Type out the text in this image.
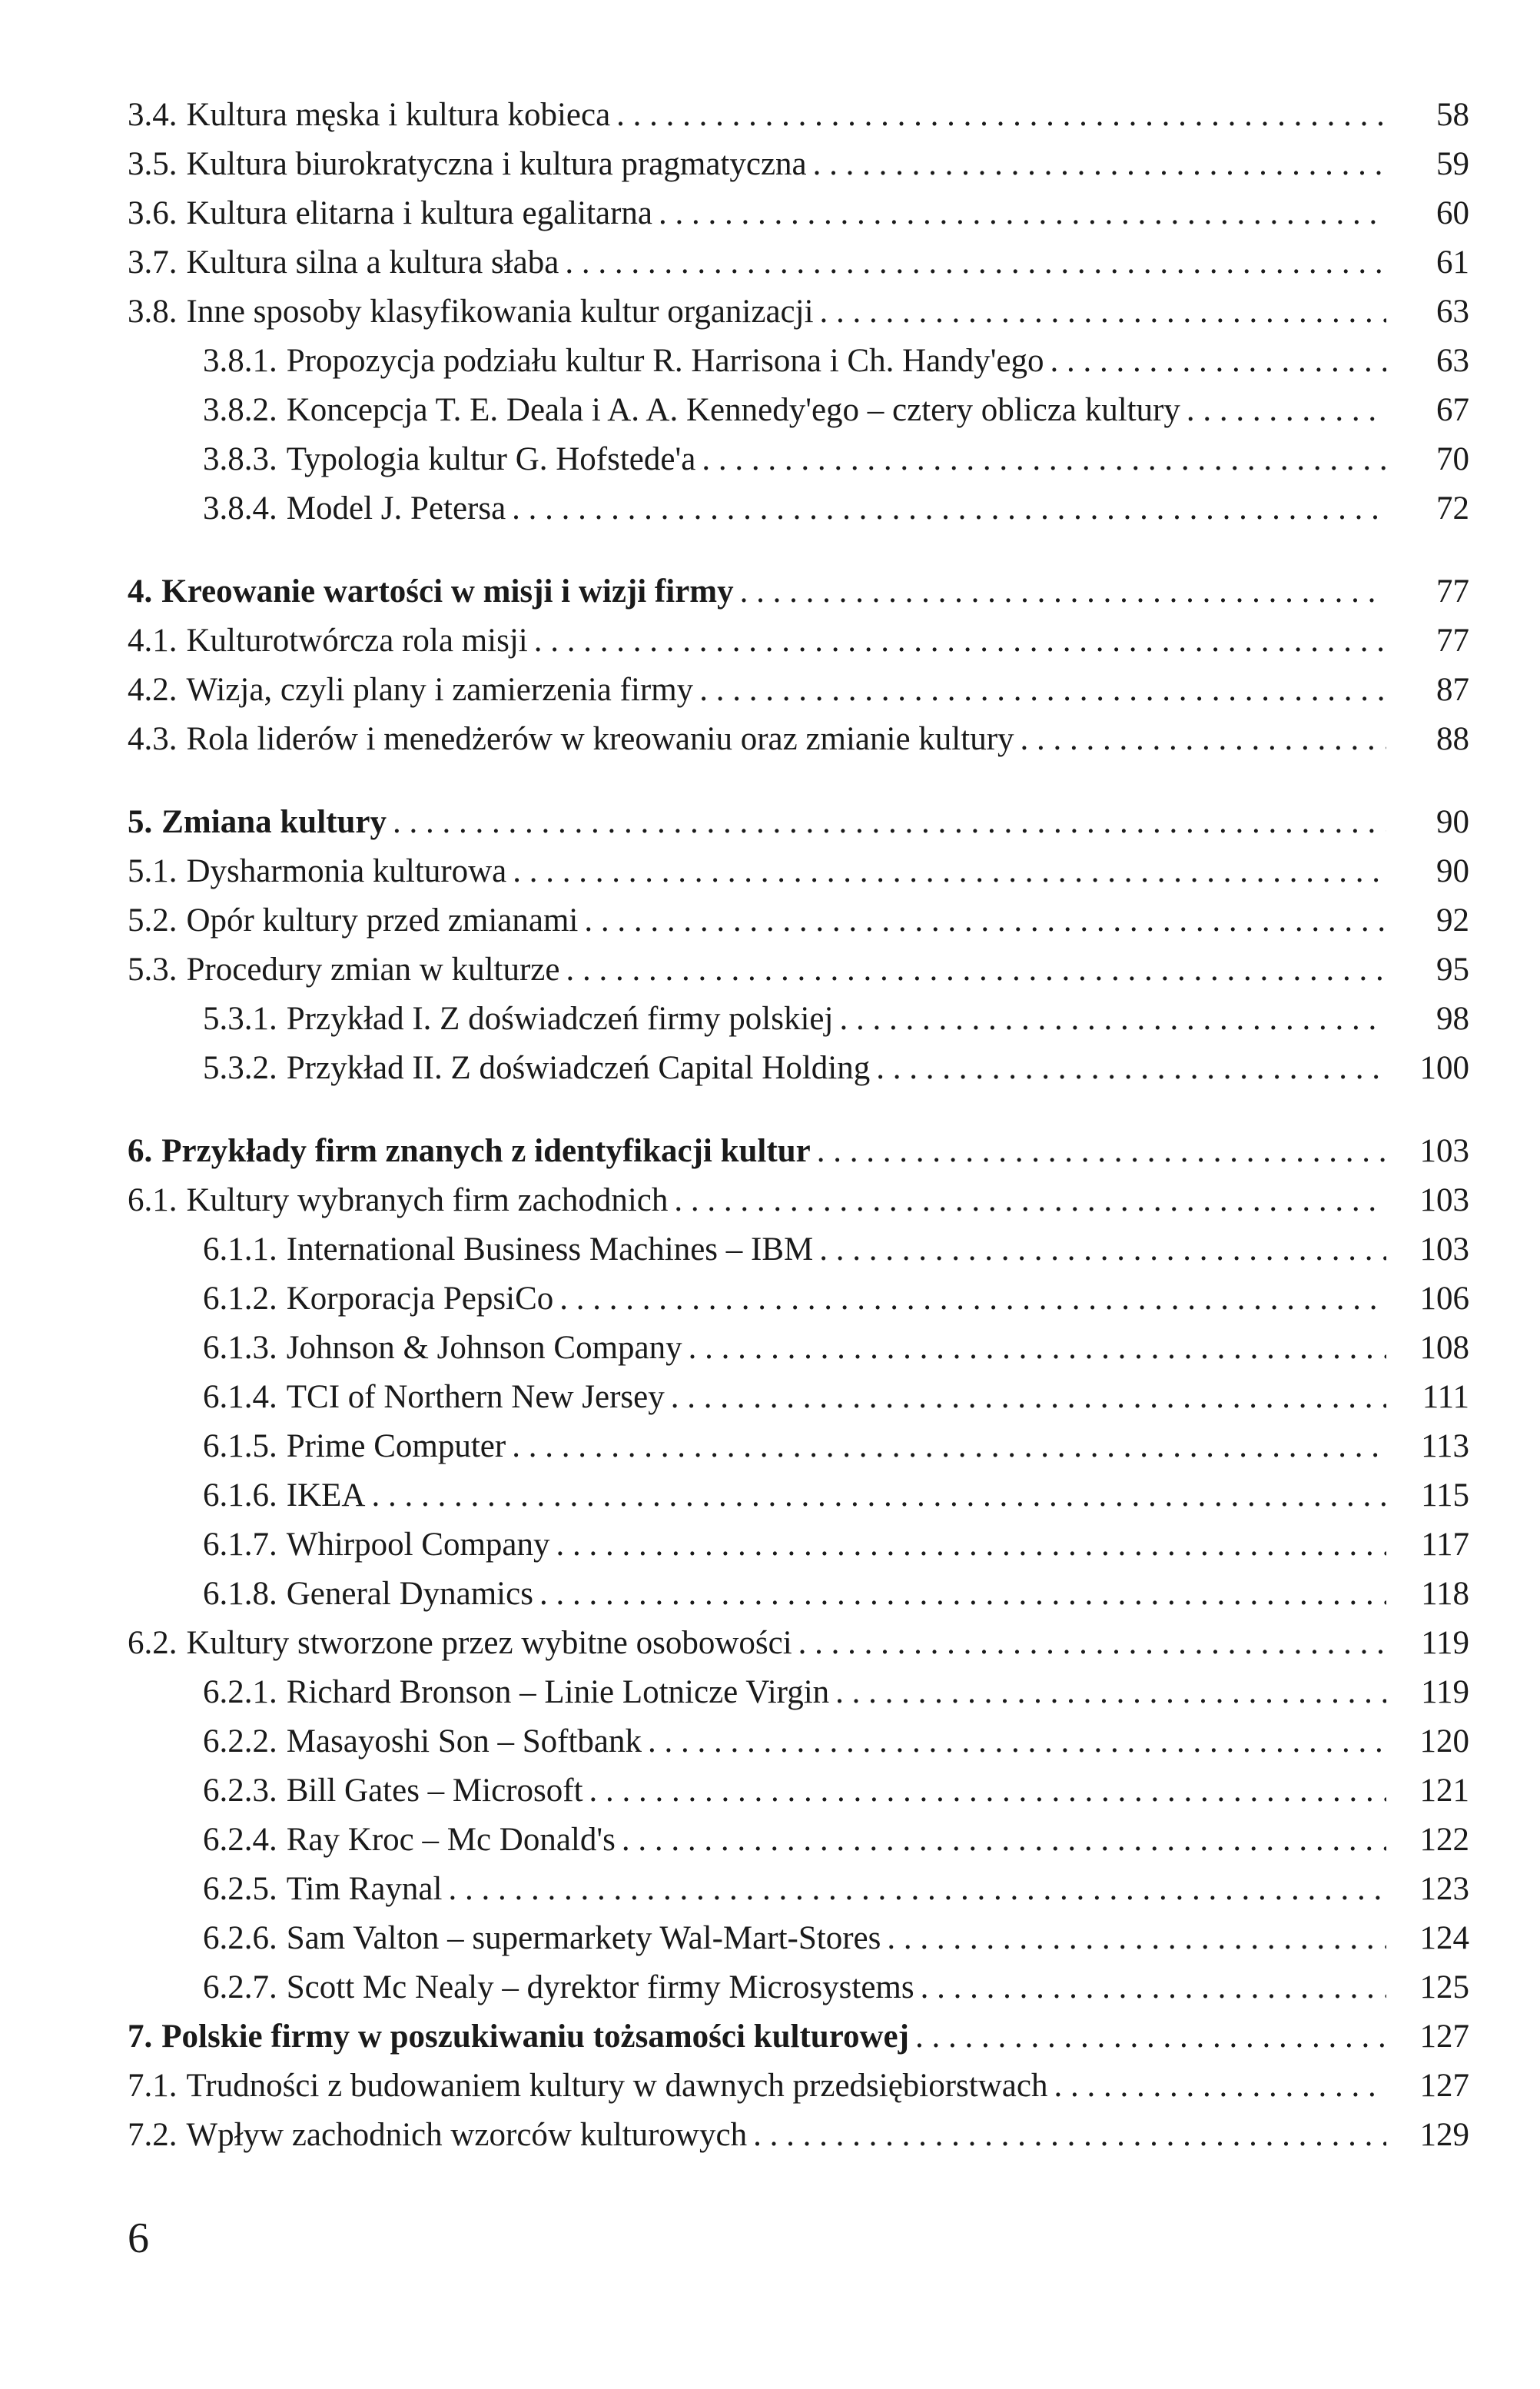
3.4. Kultura męska i kultura kobieca . . .	58
3.5. Kultura biurokratyczna i kultura pragmatyczna . . .	59
3.6. Kultura elitarna i kultura egalitarna . . .	60
3.7. Kultura silna a kultura słaba . . .	61
3.8. Inne sposoby klasyfikowania kultur organizacji . . .	63
3.8.1. Propozycja podziału kultur R. Harrisona i Ch. Handy'ego . . .	63
3.8.2. Koncepcja T. E. Deala i A. A. Kennedy'ego – cztery oblicza kultury . . .	67
3.8.3. Typologia kultur G. Hofstede'a . . .	70
3.8.4. Model J. Petersa . . .	72
4. Kreowanie wartości w misji i wizji firmy . . .	77
4.1. Kulturotwórcza rola misji . . .	77
4.2. Wizja, czyli plany i zamierzenia firmy . . .	87
4.3. Rola liderów i menedżerów w kreowaniu oraz zmianie kultury . . .	88
5. Zmiana kultury . . .	90
5.1. Dysharmonia kulturowa . . .	90
5.2. Opór kultury przed zmianami . . .	92
5.3. Procedury zmian w kulturze . . .	95
5.3.1. Przykład I. Z doświadczeń firmy polskiej . . .	98
5.3.2. Przykład II. Z doświadczeń Capital Holding . . .	100
6. Przykłady firm znanych z identyfikacji kultur . . .	103
6.1. Kultury wybranych firm zachodnich . . .	103
6.1.1. International Business Machines – IBM . . .	103
6.1.2. Korporacja PepsiCo . . .	106
6.1.3. Johnson & Johnson Company . . .	108
6.1.4. TCI of Northern New Jersey . . .	111
6.1.5. Prime Computer . . .	113
6.1.6. IKEA . . .	115
6.1.7. Whirpool Company . . .	117
6.1.8. General Dynamics . . .	118
6.2. Kultury stworzone przez wybitne osobowości . . .	119
6.2.1. Richard Bronson – Linie Lotnicze Virgin . . .	119
6.2.2. Masayoshi Son – Softbank . . .	120
6.2.3. Bill Gates – Microsoft . . .	121
6.2.4. Ray Kroc – Mc Donald's . . .	122
6.2.5. Tim Raynal . . .	123
6.2.6. Sam Valton – supermarkety Wal-Mart-Stores . . .	124
6.2.7. Scott Mc Nealy – dyrektor firmy Microsystems . . .	125
7. Polskie firmy w poszukiwaniu tożsamości kulturowej . . .	127
7.1. Trudności z budowaniem kultury w dawnych przedsiębiorstwach . . .	127
7.2. Wpływ zachodnich wzorców kulturowych . . .	129
6
